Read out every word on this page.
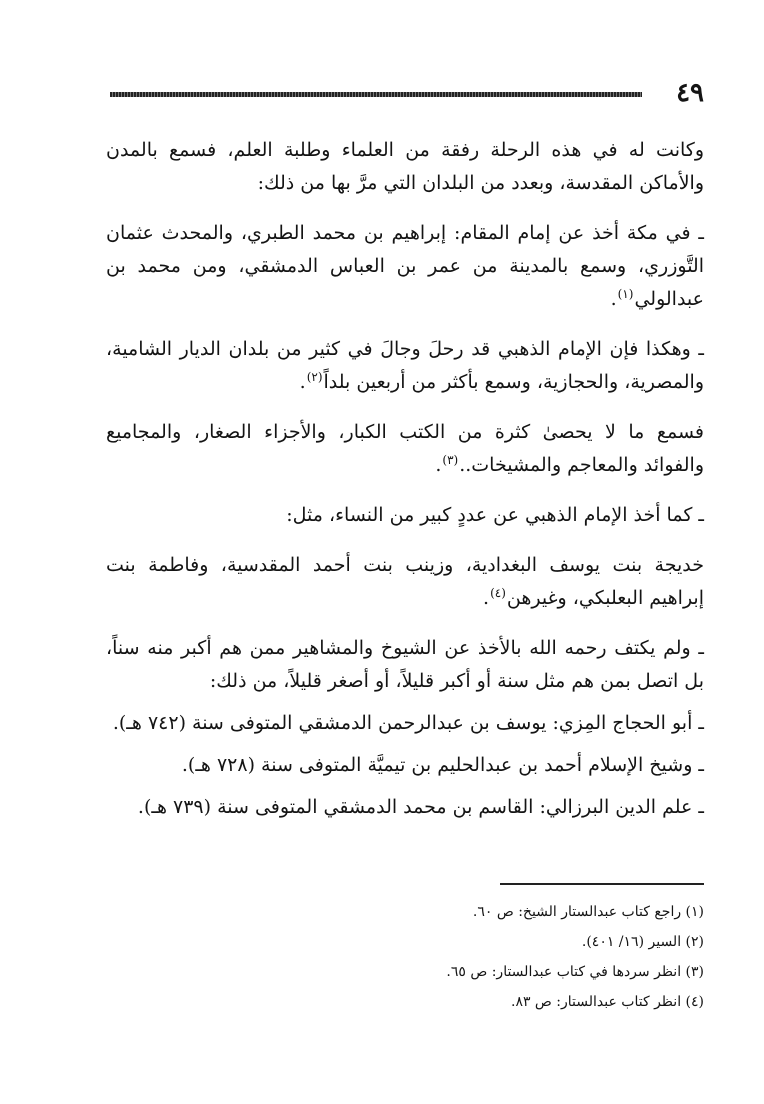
٤٩

وكانت له في هذه الرحلة رفقة من العلماء وطلبة العلم، فسمع بالمدن والأماكن المقدسة، وبعدد من البلدان التي مرَّ بها من ذلك:

ـ في مكة أخذ عن إمام المقام: إبراهيم بن محمد الطبري، والمحدث عثمان التَّوزري، وسمع بالمدينة من عمر بن العباس الدمشقي، ومن محمد بن عبدالولي$^{(١)}$.

ـ وهكذا فإن الإمام الذهبي قد رحلَ وجالَ في كثير من بلدان الديار الشامية، والمصرية، والحجازية، وسمع بأكثر من أربعين بلداً$^{(٢)}$.

فسمع ما لا يحصىٰ كثرة من الكتب الكبار، والأجزاء الصغار، والمجاميع والفوائد والمعاجم والمشيخات..$^{(٣)}$.

ـ كما أخذ الإمام الذهبي عن عددٍ كبير من النساء، مثل:

خديجة بنت يوسف البغدادية، وزينب بنت أحمد المقدسية، وفاطمة بنت إبراهيم البعلبكي، وغيرهن$^{(٤)}$.

ـ ولم يكتف رحمه الله بالأخذ عن الشيوخ والمشاهير ممن هم أكبر منه سناً، بل اتصل بمن هم مثل سنة أو أكبر قليلاً، أو أصغر قليلاً، من ذلك:

ـ أبو الحجاج المِزي: يوسف بن عبدالرحمن الدمشقي المتوفى سنة (٧٤٢ هـ).

ـ وشيخ الإسلام أحمد بن عبدالحليم بن تيميَّة المتوفى سنة (٧٢٨ هـ).

ـ علم الدين البرزالي: القاسم بن محمد الدمشقي المتوفى سنة (٧٣٩ هـ).

(١) راجع كتاب عبدالستار الشيخ: ص ٦٠.

(٢) السير (١٦/ ٤٠١).

(٣) انظر سردها في كتاب عبدالستار: ص ٦٥.

(٤) انظر كتاب عبدالستار: ص ٨٣.
